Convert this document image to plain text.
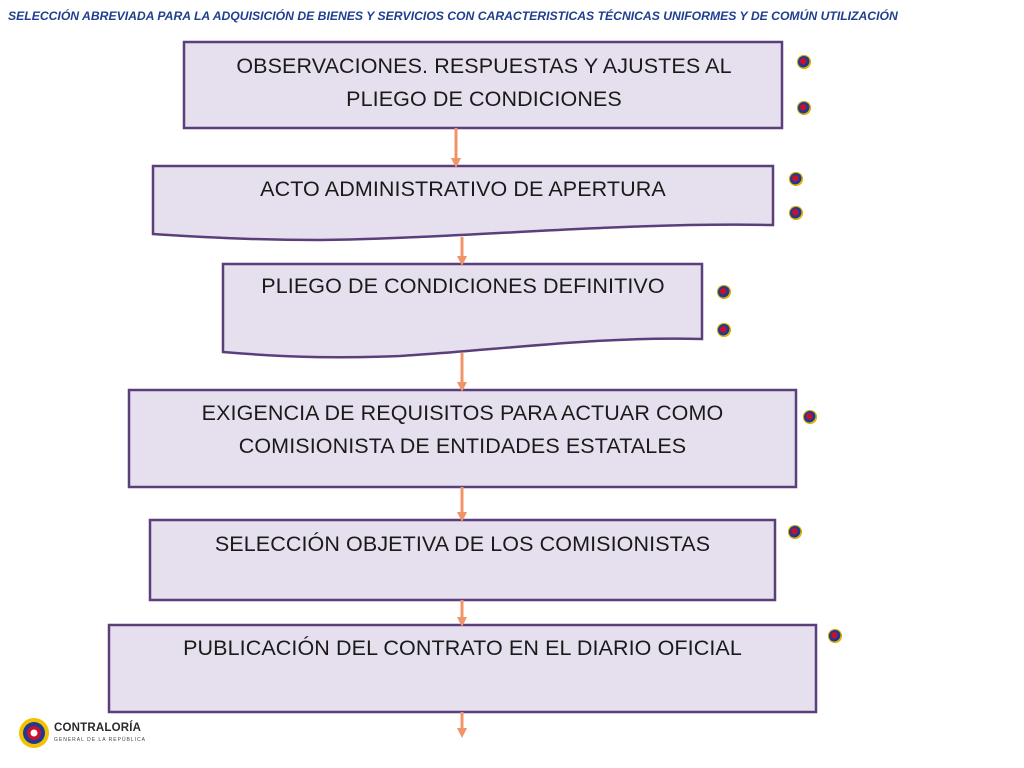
SELECCIÓN ABREVIADA PARA LA ADQUISICIÓN DE BIENES Y SERVICIOS CON CARACTERISTICAS TÉCNICAS UNIFORMES Y DE COMÚN UTILIZACIÓN
OBSERVACIONES. RESPUESTAS Y AJUSTES AL PLIEGO DE CONDICIONES
ACTO ADMINISTRATIVO DE APERTURA
PLIEGO DE CONDICIONES DEFINITIVO
EXIGENCIA DE REQUISITOS PARA ACTUAR COMO COMISIONISTA DE ENTIDADES ESTATALES
SELECCIÓN OBJETIVA DE LOS COMISIONISTAS
PUBLICACIÓN DEL CONTRATO EN EL DIARIO OFICIAL
CONTRALORÍA
GENERAL DE LA REPÚBLICA
